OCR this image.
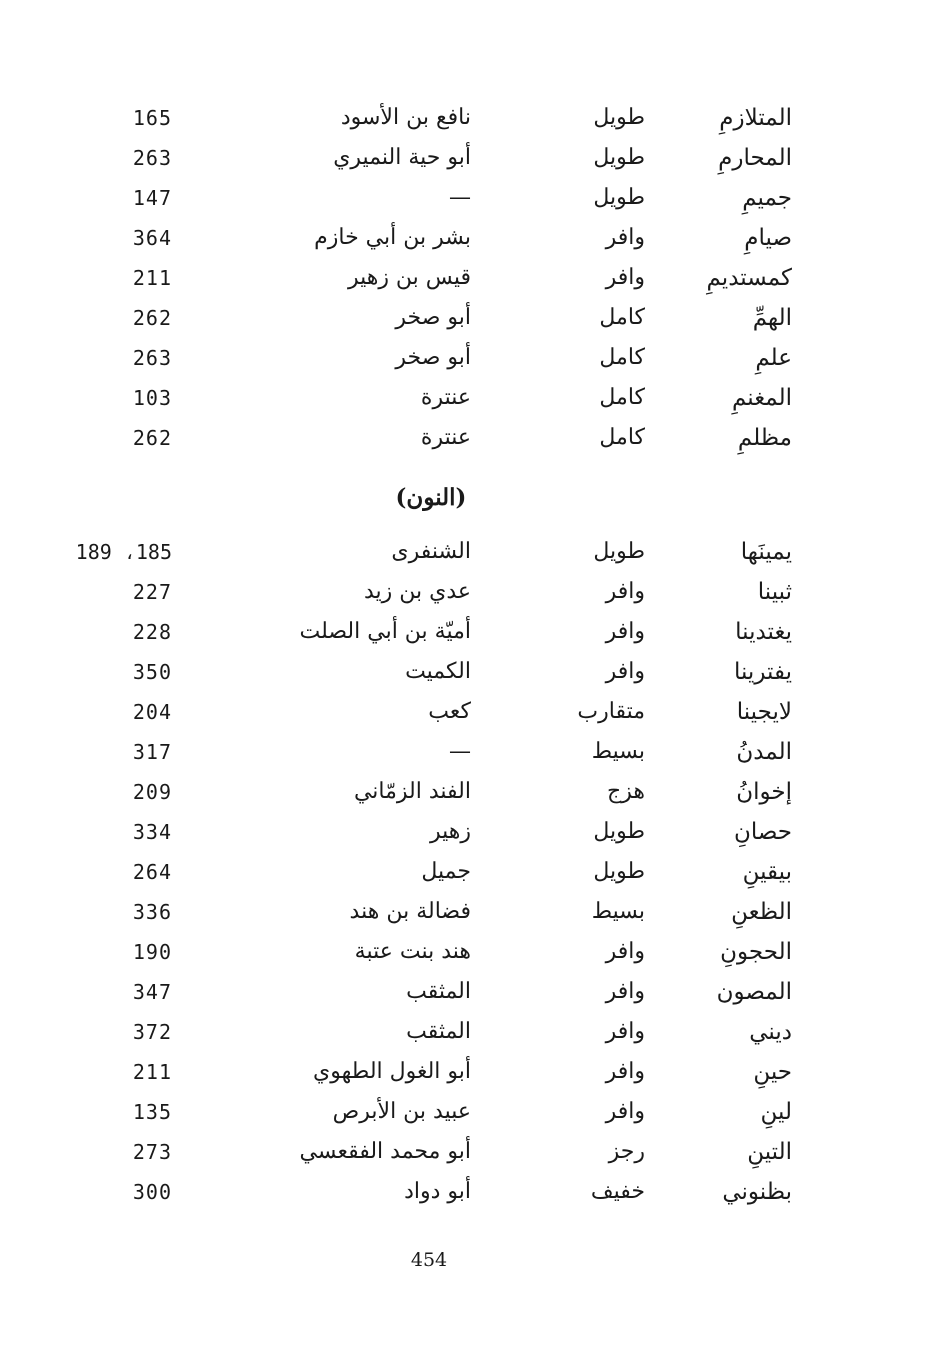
المتلازمِ
طويل
نافع بن الأسود
165
المحارمِ
طويل
أبو حية النميري
263
جميمِ
طويل
—
147
صيامِ
وافر
بشر بن أبي خازم
364
كمستديمِ
وافر
قيس بن زهير
211
الهمِّ
كامل
أبو صخر
262
علمِ
كامل
أبو صخر
263
المغنمِ
كامل
عنترة
103
مظلمِ
كامل
عنترة
262
(النون)
يمينَها
طويل
الشنفرى
189 ،185
ثبينا
وافر
عدي بن زيد
227
يغتدينا
وافر
أميّة بن أبي الصلت
228
يفترينا
وافر
الكميت
350
لايجينا
متقارب
كعب
204
المدنُ
بسيط
—
317
إخوانُ
هزج
الفند الزمّاني
209
حصانِ
طويل
زهير
334
بيقينِ
طويل
جميل
264
الظعنِ
بسيط
فضالة بن هند
336
الحجونِ
وافر
هند بنت عتبة
190
المصون
وافر
المثقب
347
ديني
وافر
المثقب
372
حينِ
وافر
أبو الغول الطهوي
211
لينِ
وافر
عبيد بن الأبرص
135
التينِ
رجز
أبو محمد الفقعسي
273
بظنوني
خفيف
أبو دواد
300
454
